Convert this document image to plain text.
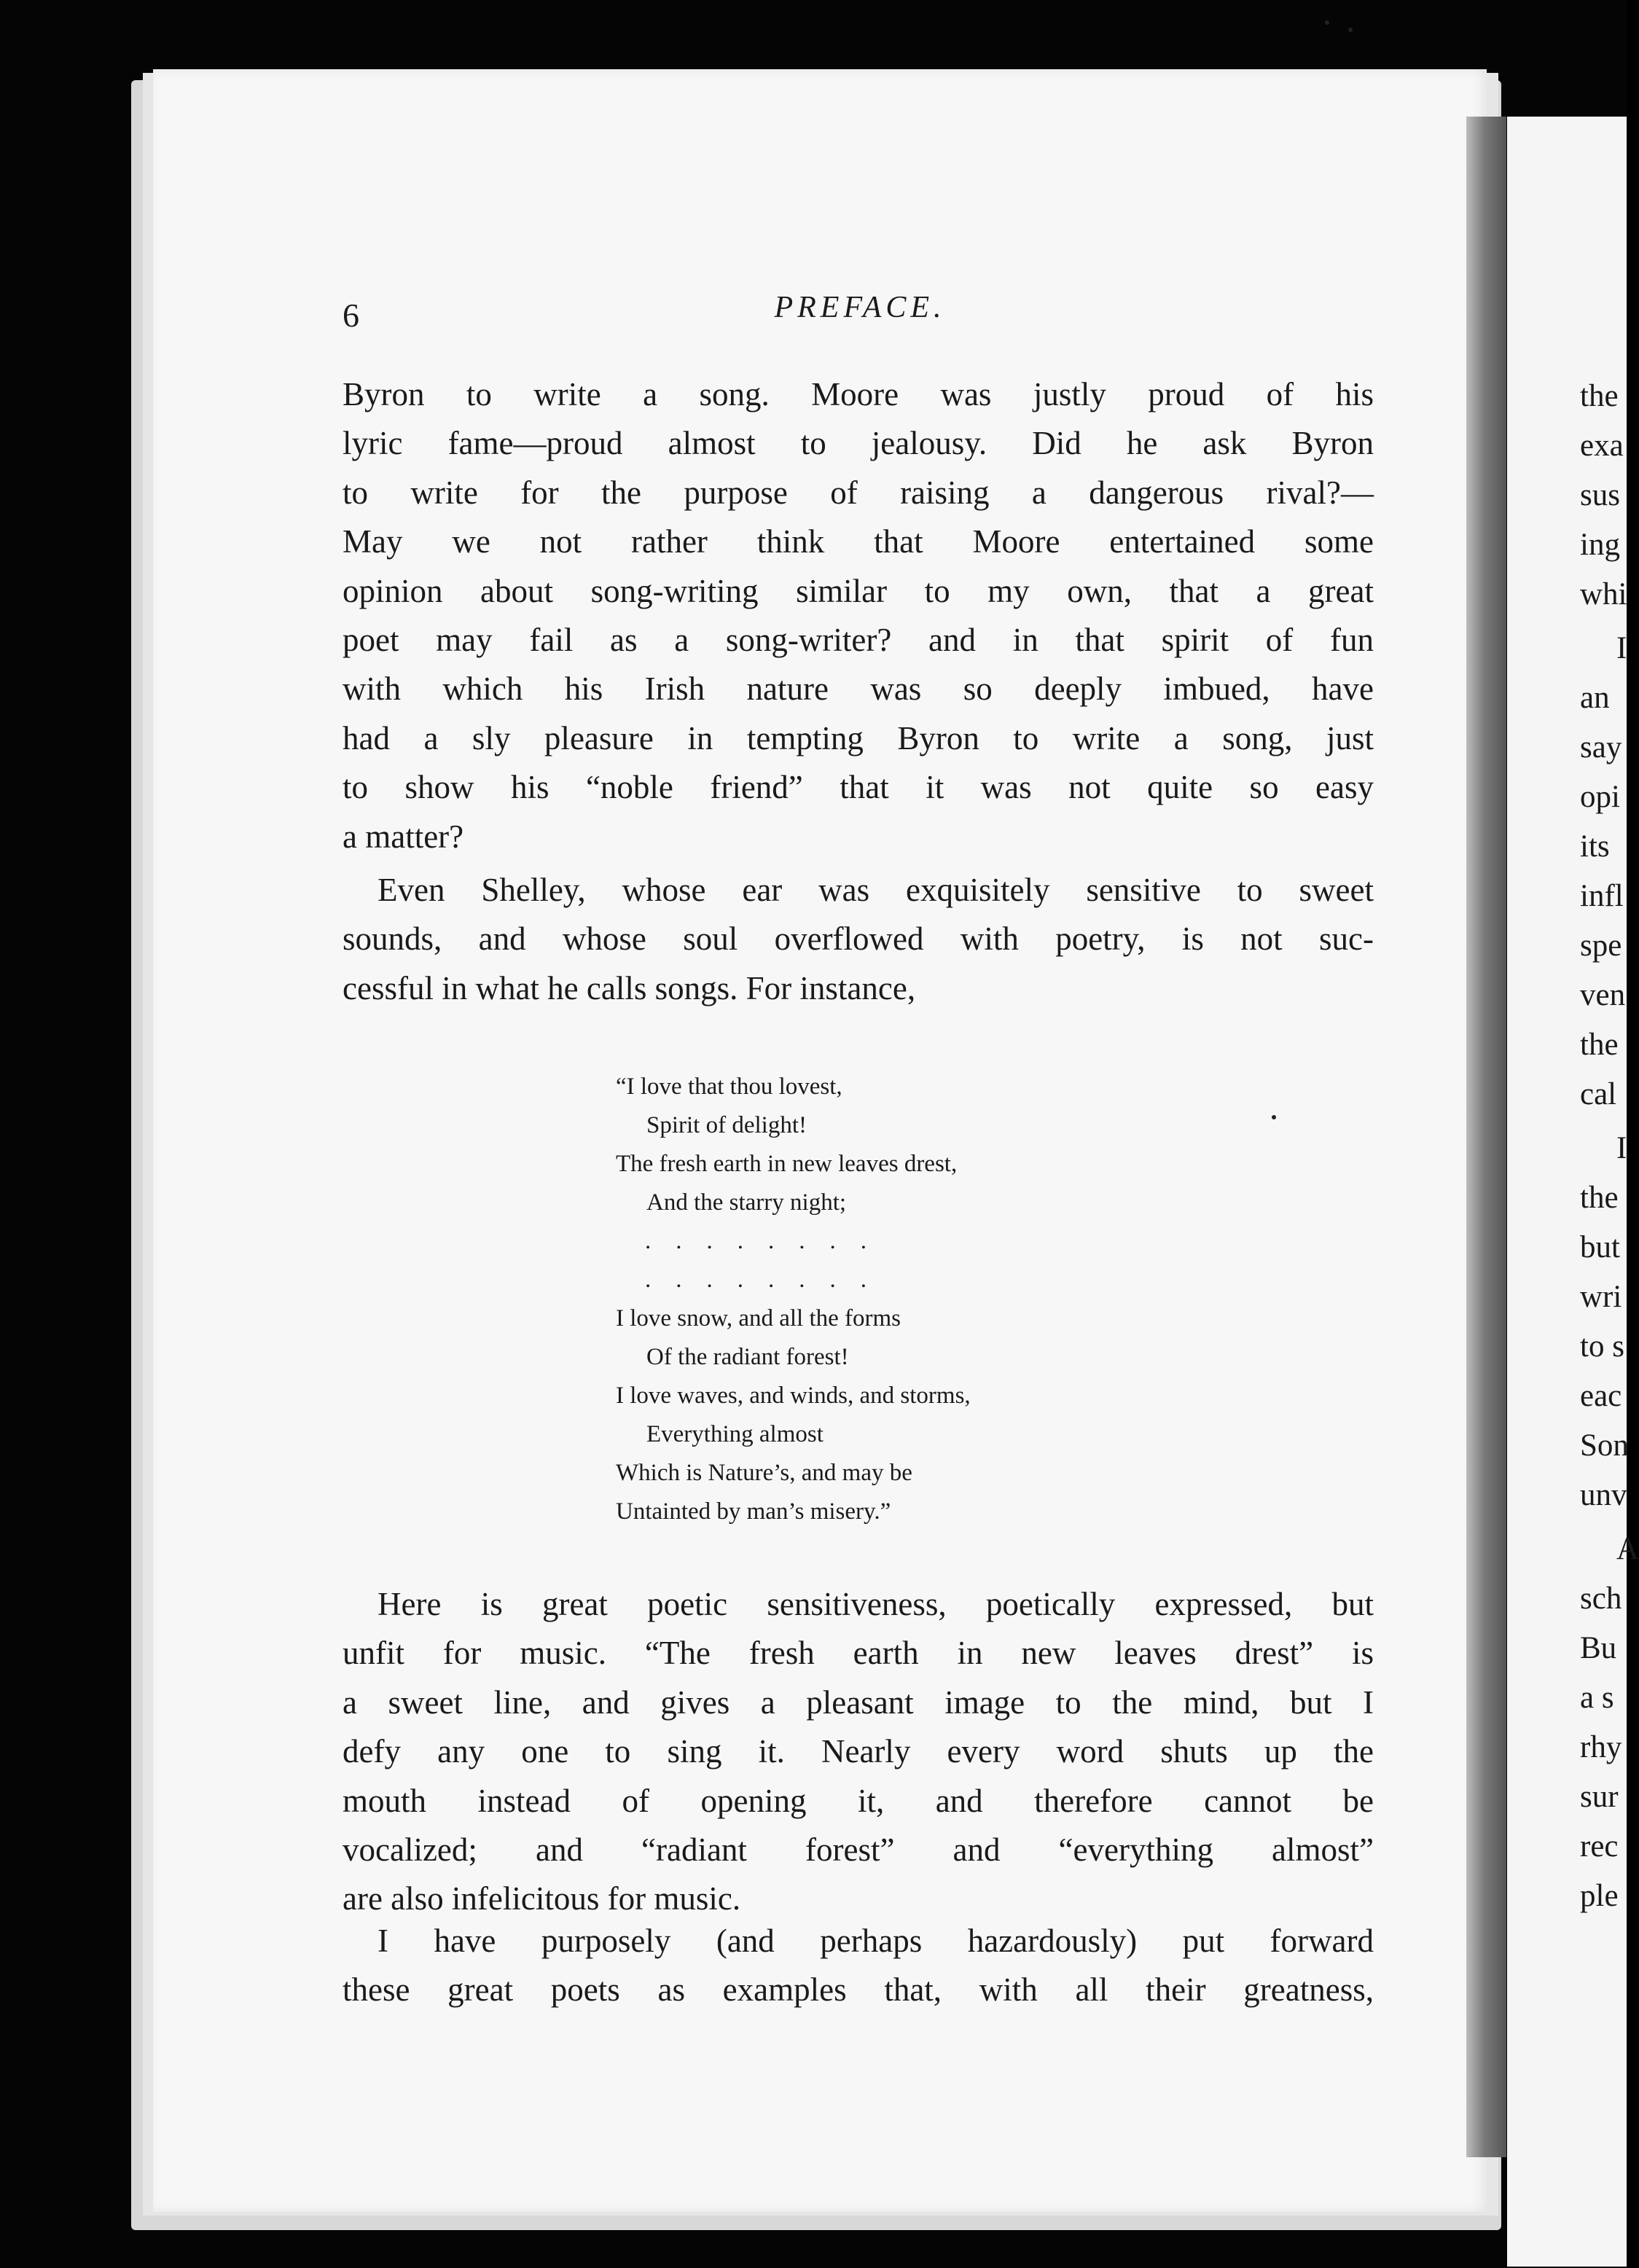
the
exa
sus
ing
whi
I
an
say
opi
its
infl
spe
ven
the
cal
I
the
but
wri
to s
eac
Son
unv
A
sch
Bu
a s
rhy
sur
rec
ple
6	PREFACE.
Byron to write a song. Moore was justly proud of his
lyric fame—proud almost to jealousy. Did he ask Byron
to write for the purpose of raising a dangerous rival?—
May we not rather think that Moore entertained some
opinion about song-writing similar to my own, that a great
poet may fail as a song-writer? and in that spirit of fun
with which his Irish nature was so deeply imbued, have
had a sly pleasure in tempting Byron to write a song, just
to show his “noble friend” that it was not quite so easy
a matter?
Even Shelley, whose ear was exquisitely sensitive to sweet
sounds, and whose soul overflowed with poetry, is not suc-
cessful in what he calls songs. For instance,
“I love that thou lovest,
Spirit of delight!
The fresh earth in new leaves drest,
And the starry night;
........
........
I love snow, and all the forms
Of the radiant forest!
I love waves, and winds, and storms,
Everything almost
Which is Nature’s, and may be
Untainted by man’s misery.”
Here is great poetic sensitiveness, poetically expressed, but
unfit for music. “The fresh earth in new leaves drest” is
a sweet line, and gives a pleasant image to the mind, but I
defy any one to sing it. Nearly every word shuts up the
mouth instead of opening it, and therefore cannot be
vocalized; and “radiant forest” and “everything almost”
are also infelicitous for music.
I have purposely (and perhaps hazardously) put forward
these great poets as examples that, with all their greatness,
